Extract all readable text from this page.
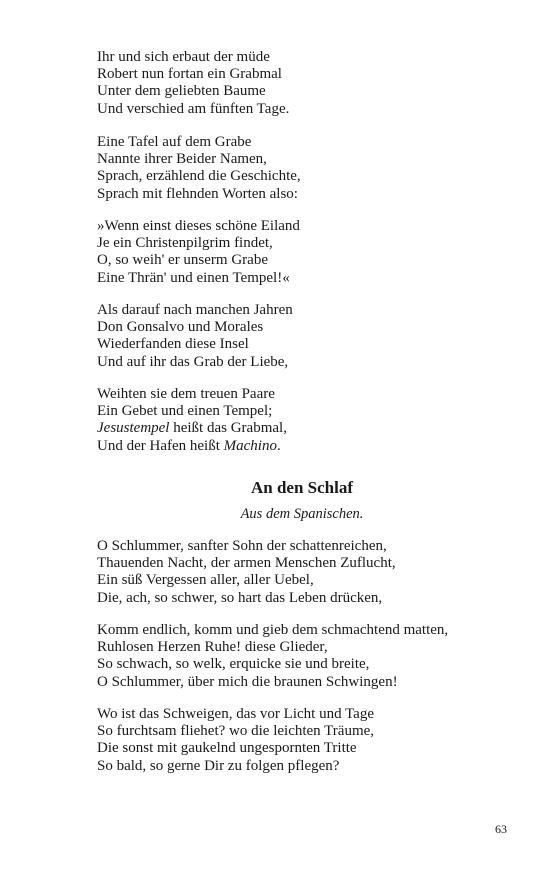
Ihr und sich erbaut der müde
Robert nun fortan ein Grabmal
Unter dem geliebten Baume
Und verschied am fünften Tage.
Eine Tafel auf dem Grabe
Nannte ihrer Beider Namen,
Sprach, erzählend die Geschichte,
Sprach mit flehnden Worten also:
»Wenn einst dieses schöne Eiland
Je ein Christenpilgrim findet,
O, so weih' er unserm Grabe
Eine Thrän' und einen Tempel!«
Als darauf nach manchen Jahren
Don Gonsalvo und Morales
Wiederfanden diese Insel
Und auf ihr das Grab der Liebe,
Weihten sie dem treuen Paare
Ein Gebet und einen Tempel;
Jesustempel heißt das Grabmal,
Und der Hafen heißt Machino.
An den Schlaf
Aus dem Spanischen.
O Schlummer, sanfter Sohn der schattenreichen,
Thauenden Nacht, der armen Menschen Zuflucht,
Ein süß Vergessen aller, aller Uebel,
Die, ach, so schwer, so hart das Leben drücken,
Komm endlich, komm und gieb dem schmachtend matten,
Ruhlosen Herzen Ruhe! diese Glieder,
So schwach, so welk, erquicke sie und breite,
O Schlummer, über mich die braunen Schwingen!
Wo ist das Schweigen, das vor Licht und Tage
So furchtsam fliehet? wo die leichten Träume,
Die sonst mit gaukelnd ungespornten Tritte
So bald, so gerne Dir zu folgen pflegen?
63
